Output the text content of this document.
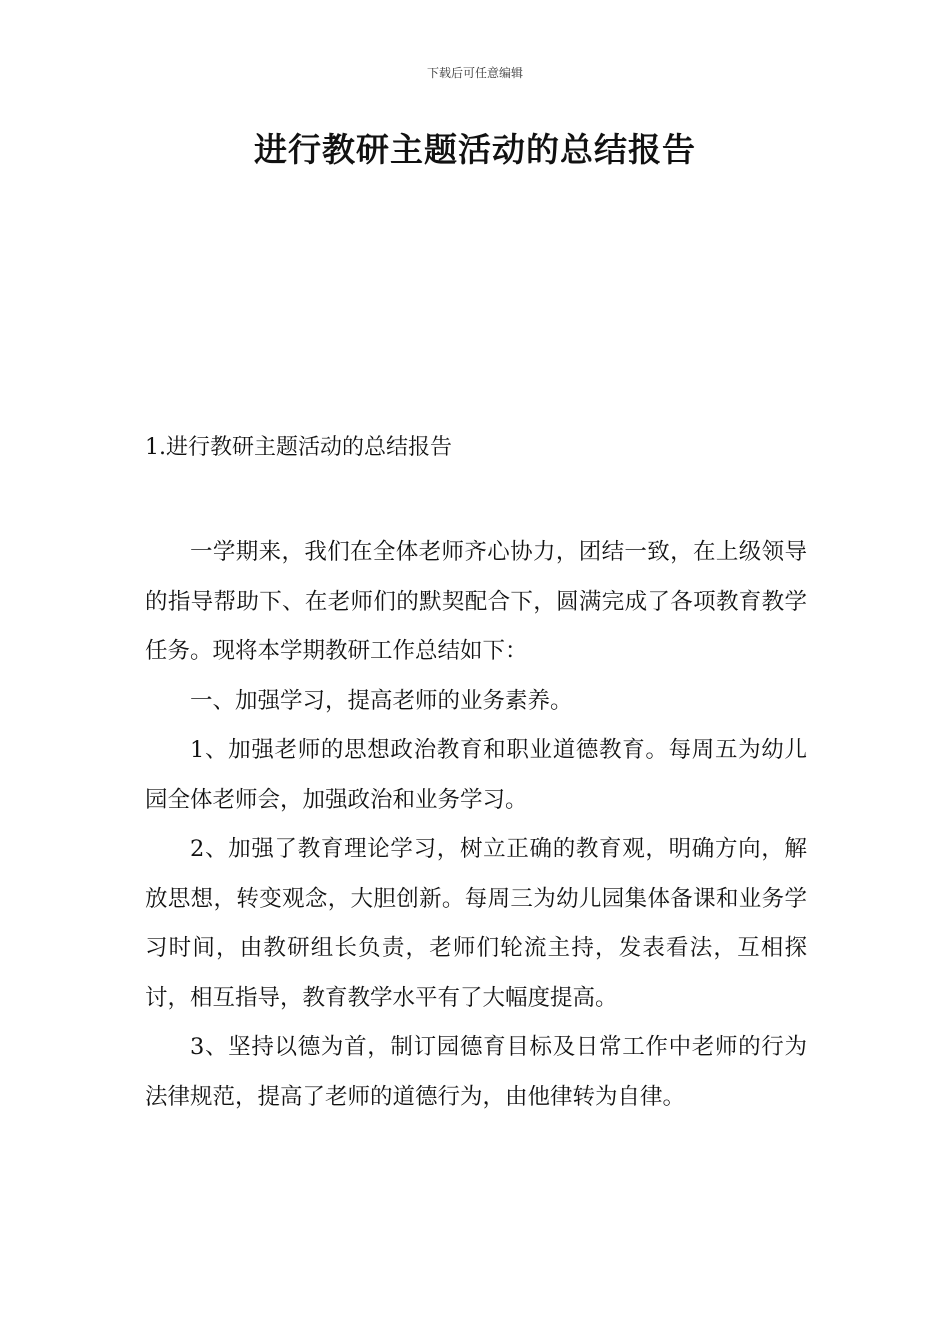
下载后可任意编辑
进行教研主题活动的总结报告
1.进行教研主题活动的总结报告

一学期来，我们在全体老师齐心协力，团结一致，在上级领导的指导帮助下、在老师们的默契配合下，圆满完成了各项教育教学任务。现将本学期教研工作总结如下：

一、加强学习，提高老师的业务素养。

1、加强老师的思想政治教育和职业道德教育。每周五为幼儿园全体老师会，加强政治和业务学习。

2、加强了教育理论学习，树立正确的教育观，明确方向，解放思想，转变观念，大胆创新。每周三为幼儿园集体备课和业务学习时间，由教研组长负责，老师们轮流主持，发表看法，互相探讨，相互指导，教育教学水平有了大幅度提高。

3、坚持以德为首，制订园德育目标及日常工作中老师的行为法律规范，提高了老师的道德行为，由他律转为自律。
